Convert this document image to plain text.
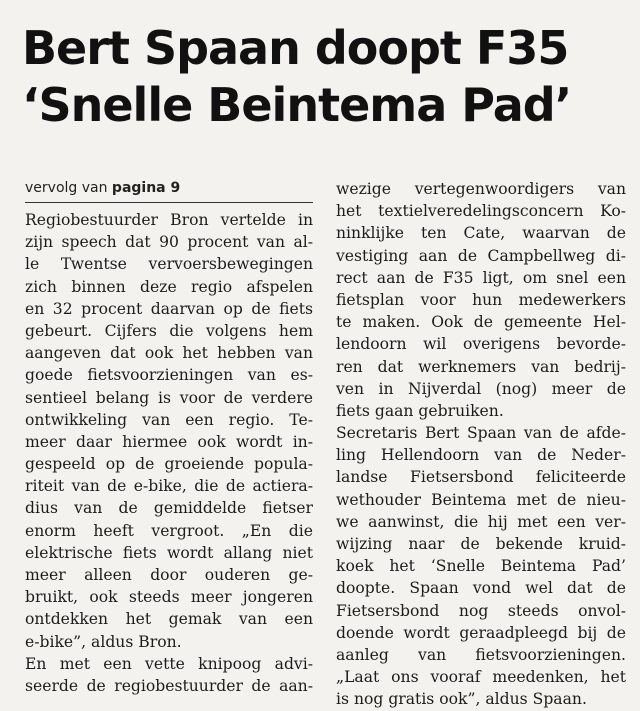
Bert Spaan doopt F35
‘Snelle Beintema Pad’
vervolg van pagina 9
Regiobestuurder Bron vertelde in
zijn speech dat 90 procent van al-
le Twentse vervoersbewegingen
zich binnen deze regio afspelen
en 32 procent daarvan op de fiets
gebeurt. Cijfers die volgens hem
aangeven dat ook het hebben van
goede fietsvoorzieningen van es-
sentieel belang is voor de verdere
ontwikkeling van een regio. Te-
meer daar hiermee ook wordt in-
gespeeld op de groeiende popula-
riteit van de e-bike, die de actiera-
dius van de gemiddelde fietser
enorm heeft vergroot. „En die
elektrische fiets wordt allang niet
meer alleen door ouderen ge-
bruikt, ook steeds meer jongeren
ontdekken het gemak van een
e-bike”, aldus Bron.
En met een vette knipoog advi-
seerde de regiobestuurder de aan-
wezige vertegenwoordigers van
het textielveredelingsconcern Ko-
ninklijke ten Cate, waarvan de
vestiging aan de Campbellweg di-
rect aan de F35 ligt, om snel een
fietsplan voor hun medewerkers
te maken. Ook de gemeente Hel-
lendoorn wil overigens bevorde-
ren dat werknemers van bedrij-
ven in Nijverdal (nog) meer de
fiets gaan gebruiken.
Secretaris Bert Spaan van de afde-
ling Hellendoorn van de Neder-
landse Fietsersbond feliciteerde
wethouder Beintema met de nieu-
we aanwinst, die hij met een ver-
wijzing naar de bekende kruid-
koek het ‘Snelle Beintema Pad’
doopte. Spaan vond wel dat de
Fietsersbond nog steeds onvol-
doende wordt geraadpleegd bij de
aanleg van fietsvoorzieningen.
„Laat ons vooraf meedenken, het
is nog gratis ook”, aldus Spaan.
